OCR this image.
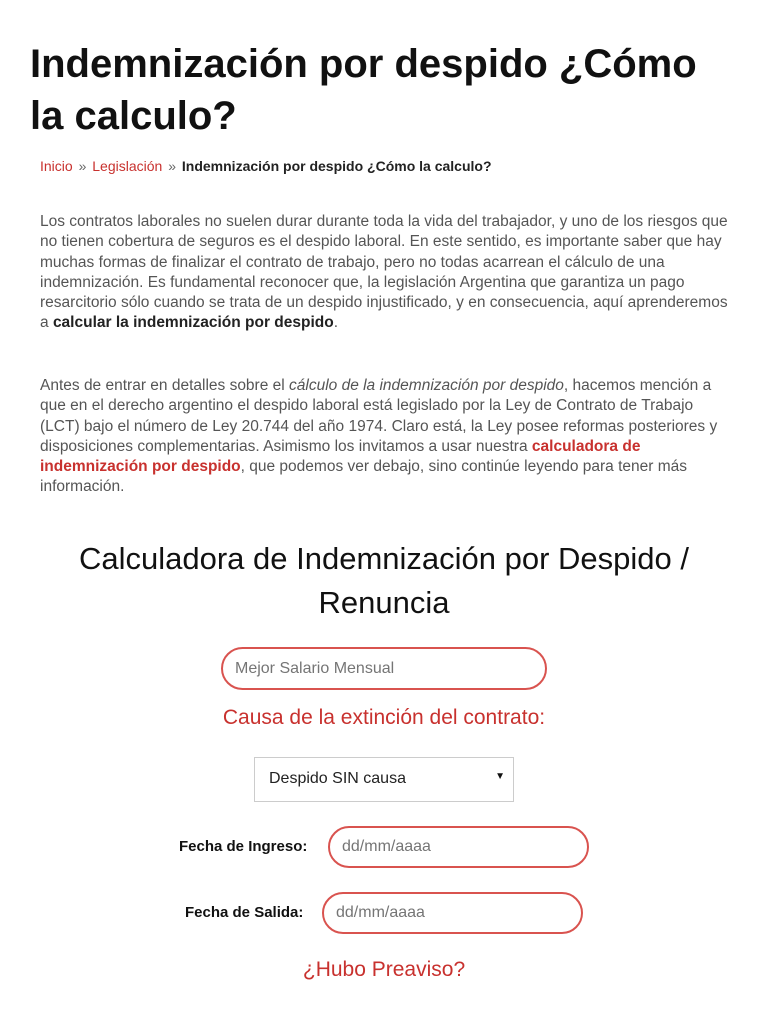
Indemnización por despido ¿Cómo la calculo?
Inicio » Legislación » Indemnización por despido ¿Cómo la calculo?

Los contratos laborales no suelen durar durante toda la vida del trabajador, y uno de los riesgos que no tienen cobertura de seguros es el despido laboral. En este sentido, es importante saber que hay muchas formas de finalizar el contrato de trabajo, pero no todas acarrean el cálculo de una indemnización. Es fundamental reconocer que, la legislación Argentina que garantiza un pago resarcitorio sólo cuando se trata de un despido injustificado, y en consecuencia, aquí aprenderemos a calcular la indemnización por despido.

Antes de entrar en detalles sobre el cálculo de la indemnización por despido, hacemos mención a que en el derecho argentino el despido laboral está legislado por la Ley de Contrato de Trabajo (LCT) bajo el número de Ley 20.744 del año 1974. Claro está, la Ley posee reformas posteriores y disposiciones complementarias. Asimismo los invitamos a usar nuestra calculadora de indemnización por despido, que podemos ver debajo, sino continúe leyendo para tener más información.

Calculadora de Indemnización por Despido / Renuncia
Mejor Salario Mensual
Causa de la extinción del contrato:
Despido SIN causa	▼
Fecha de Ingreso:
dd/mm/aaaa
Fecha de Salida:
dd/mm/aaaa
¿Hubo Preaviso?
